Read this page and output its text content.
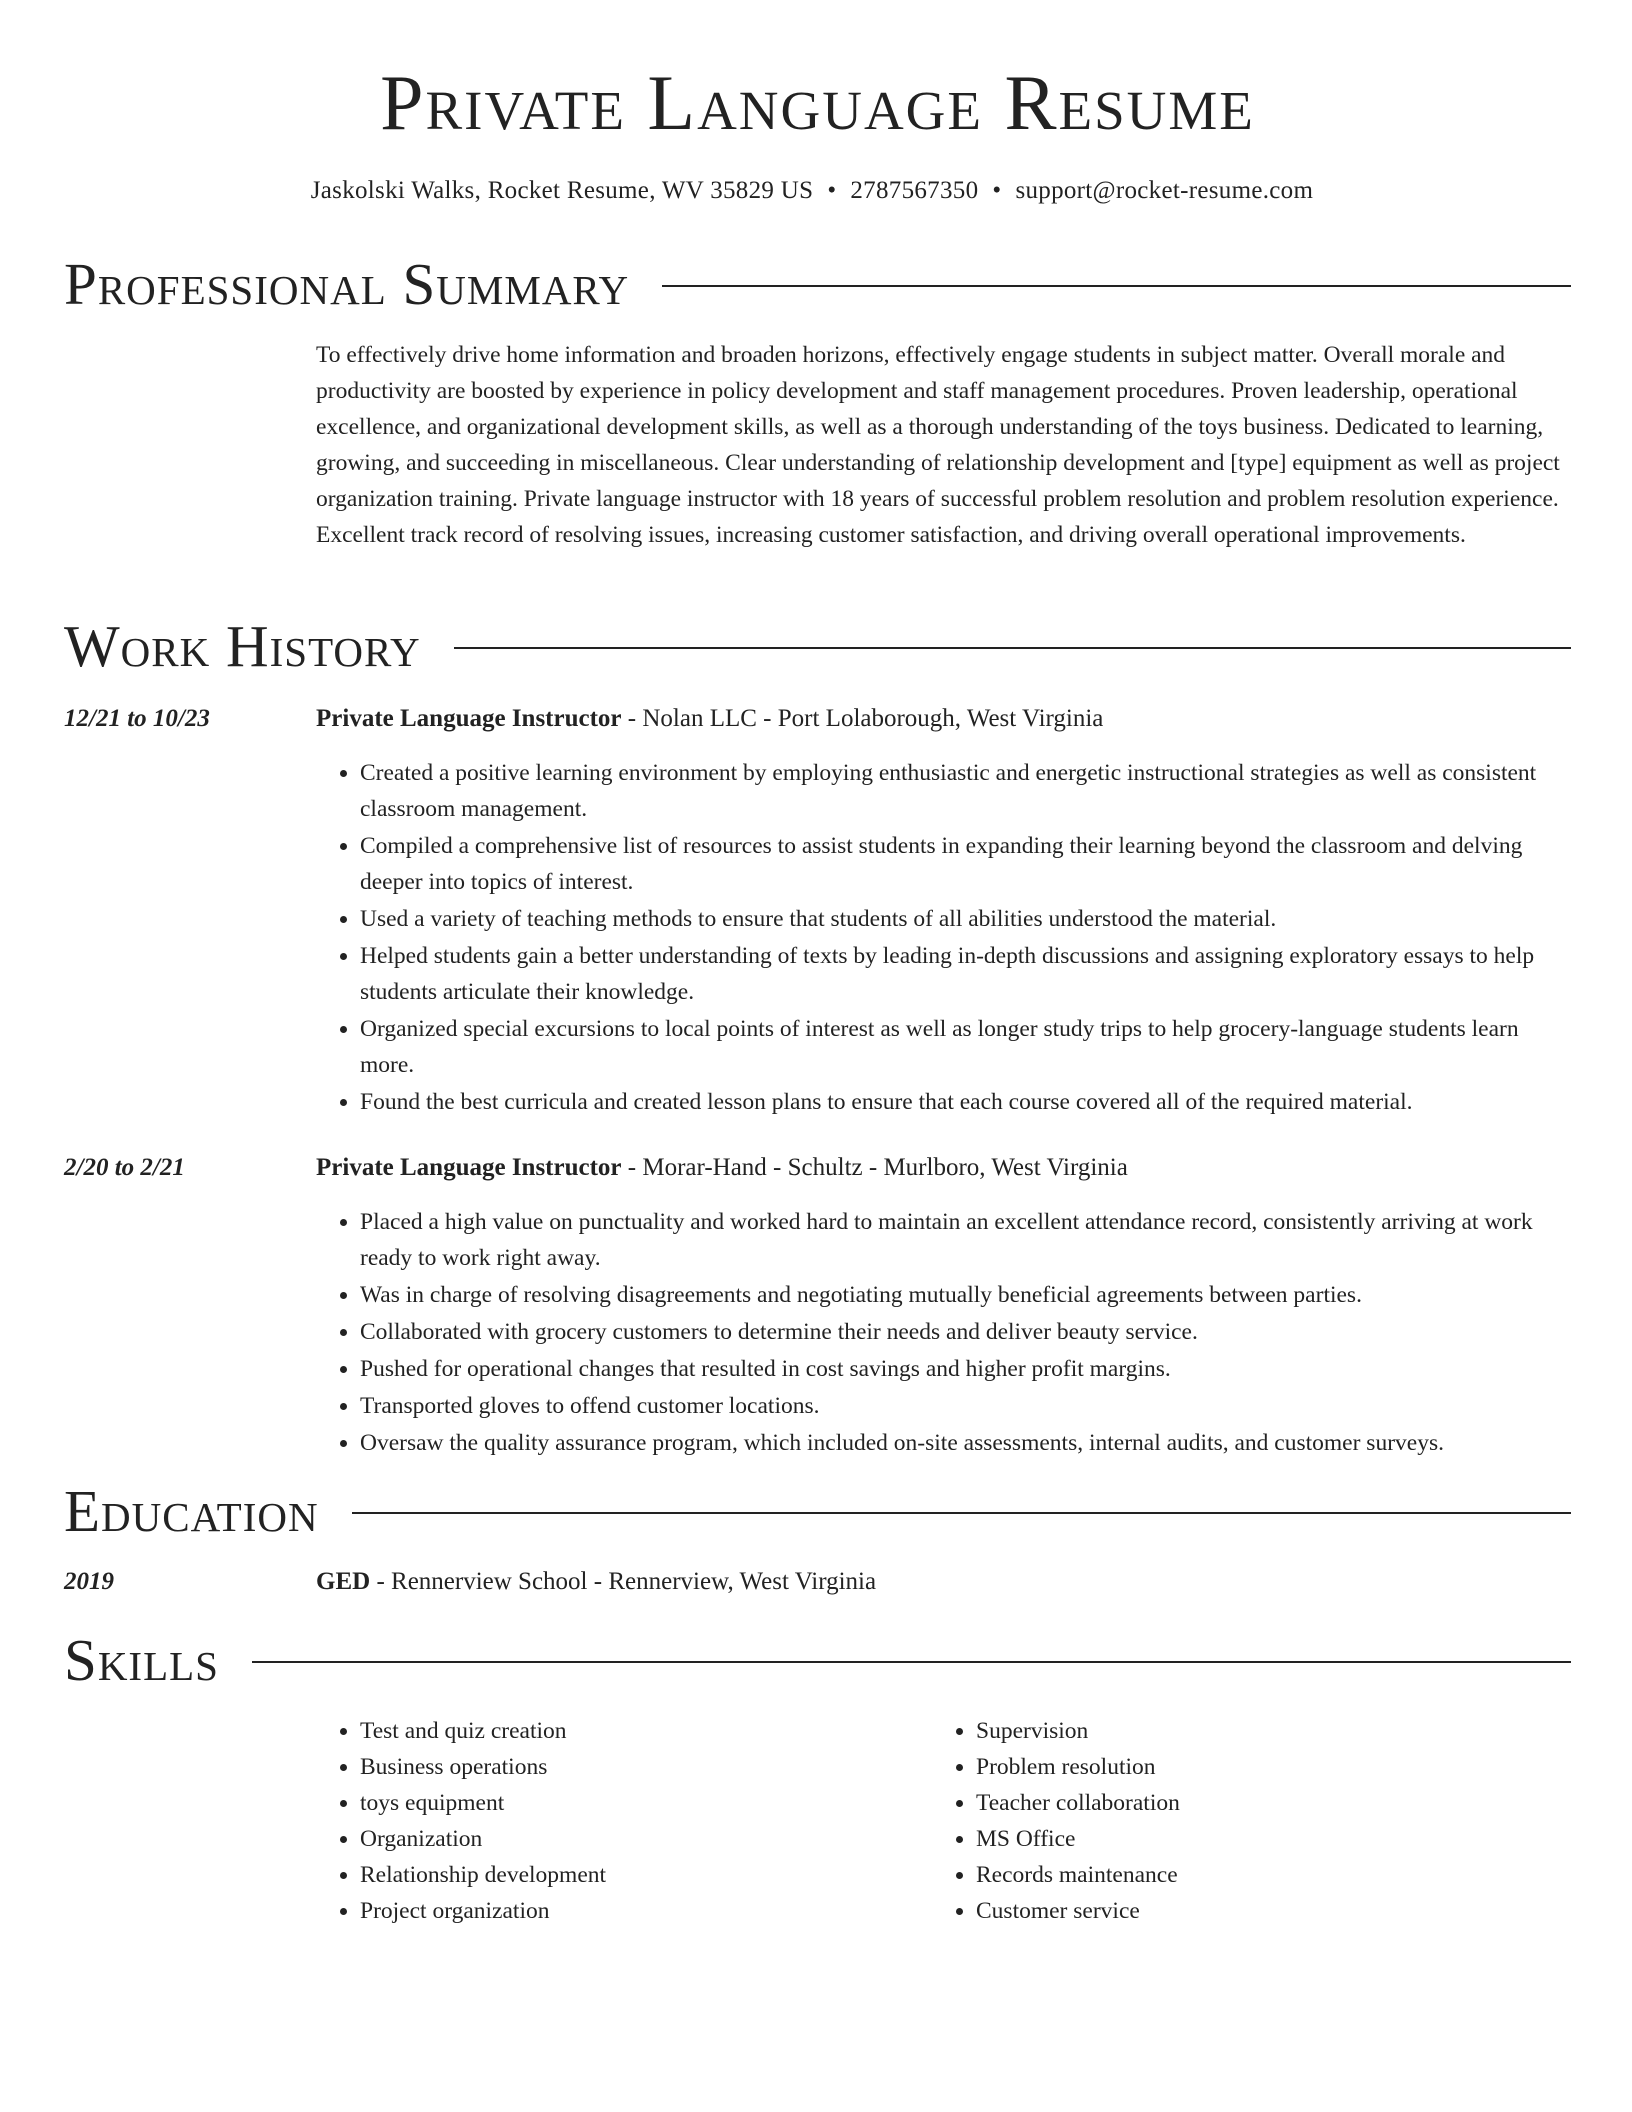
Private Language Resume
Jaskolski Walks, Rocket Resume, WV 35829 US • 2787567350 • support@rocket-resume.com
Professional Summary
To effectively drive home information and broaden horizons, effectively engage students in subject matter. Overall morale and productivity are boosted by experience in policy development and staff management procedures. Proven leadership, operational excellence, and organizational development skills, as well as a thorough understanding of the toys business. Dedicated to learning, growing, and succeeding in miscellaneous. Clear understanding of relationship development and [type] equipment as well as project organization training. Private language instructor with 18 years of successful problem resolution and problem resolution experience. Excellent track record of resolving issues, increasing customer satisfaction, and driving overall operational improvements.
Work History
12/21 to 10/23	Private Language Instructor - Nolan LLC - Port Lolaborough, West Virginia
• Created a positive learning environment by employing enthusiastic and energetic instructional strategies as well as consistent classroom management.
• Compiled a comprehensive list of resources to assist students in expanding their learning beyond the classroom and delving deeper into topics of interest.
• Used a variety of teaching methods to ensure that students of all abilities understood the material.
• Helped students gain a better understanding of texts by leading in-depth discussions and assigning exploratory essays to help students articulate their knowledge.
• Organized special excursions to local points of interest as well as longer study trips to help grocery-language students learn more.
• Found the best curricula and created lesson plans to ensure that each course covered all of the required material.
2/20 to 2/21	Private Language Instructor - Morar-Hand - Schultz - Murlboro, West Virginia
• Placed a high value on punctuality and worked hard to maintain an excellent attendance record, consistently arriving at work ready to work right away.
• Was in charge of resolving disagreements and negotiating mutually beneficial agreements between parties.
• Collaborated with grocery customers to determine their needs and deliver beauty service.
• Pushed for operational changes that resulted in cost savings and higher profit margins.
• Transported gloves to offend customer locations.
• Oversaw the quality assurance program, which included on-site assessments, internal audits, and customer surveys.
Education
2019	GED - Rennerview School - Rennerview, West Virginia
Skills
• Test and quiz creation
• Business operations
• toys equipment
• Organization
• Relationship development
• Project organization
• Supervision
• Problem resolution
• Teacher collaboration
• MS Office
• Records maintenance
• Customer service
